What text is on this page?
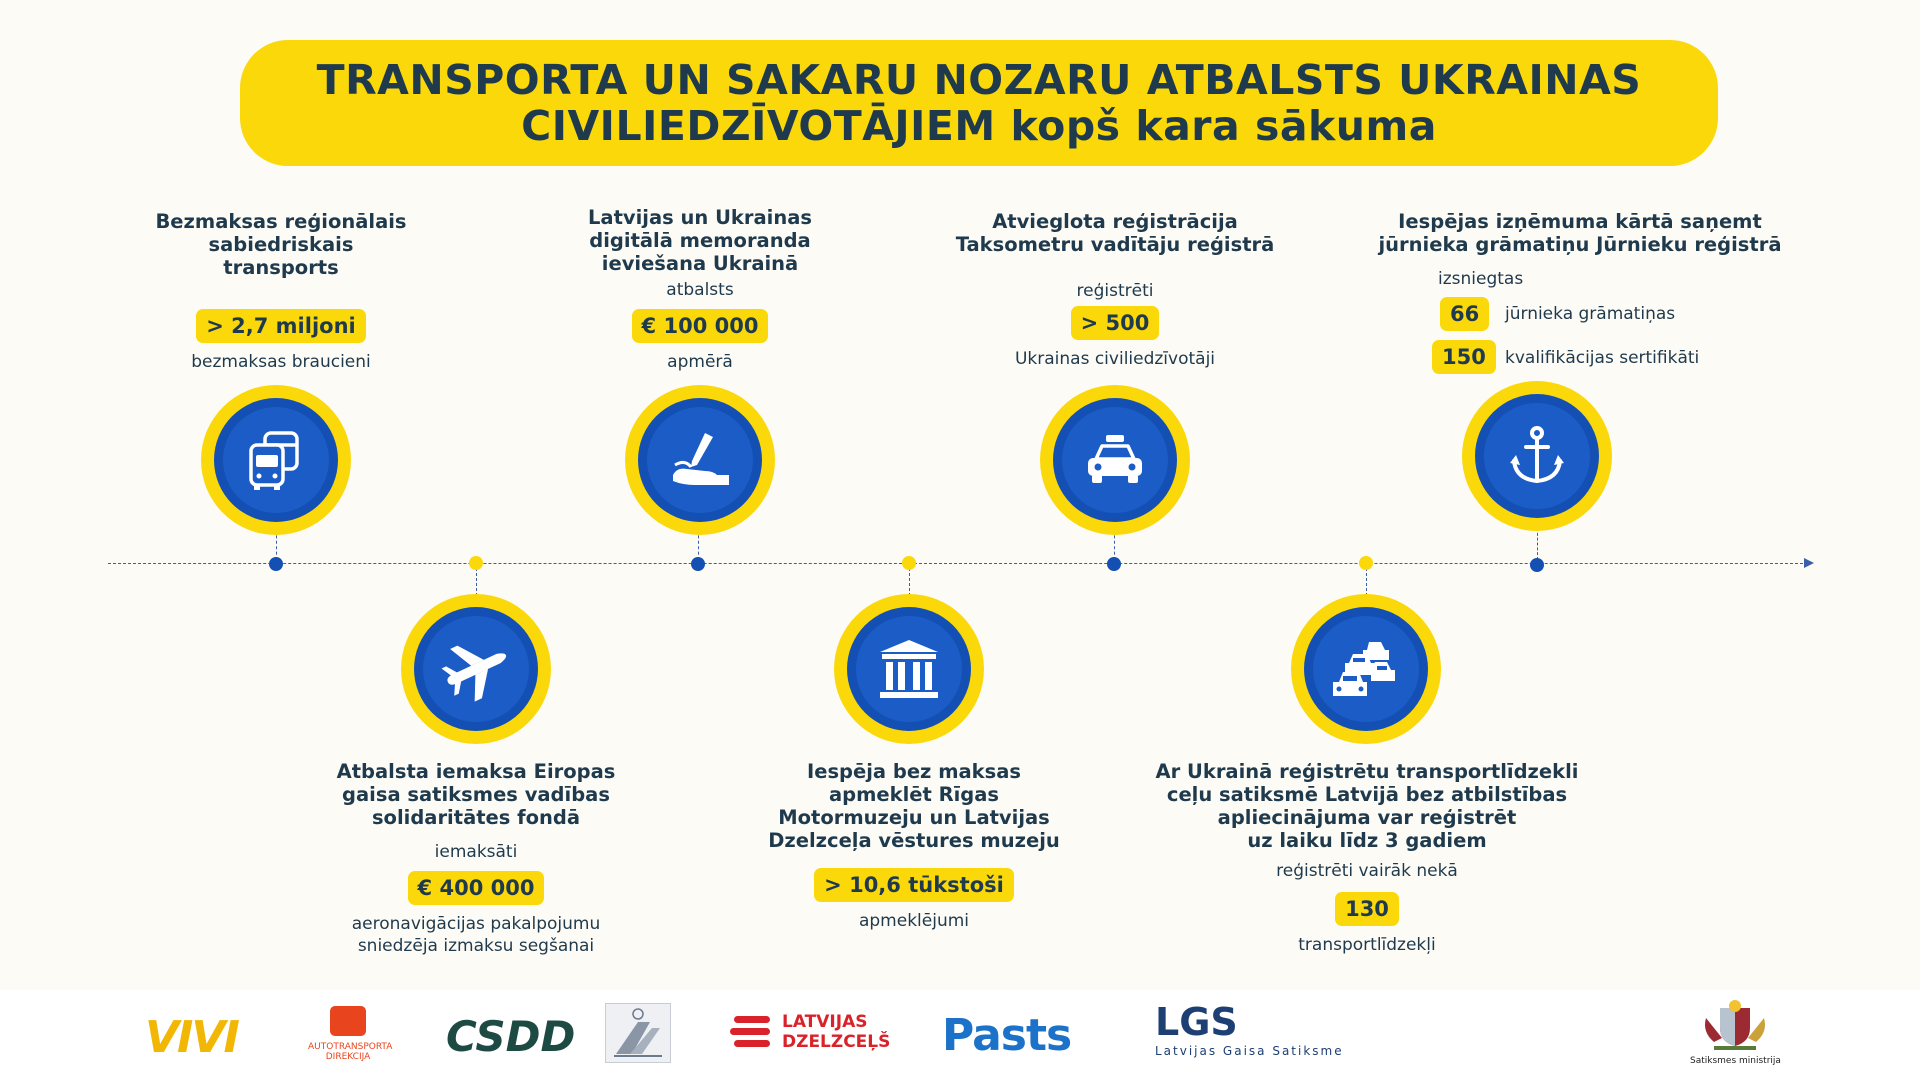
TRANSPORTA UN SAKARU NOZARU ATBALSTS UKRAINAS
CIVILIEDZĪVOTĀJIEM kopš kara sākuma
Bezmaksas reģionālais
sabiedriskais
transports
> 2,7 miljoni
bezmaksas braucieni
Latvijas un Ukrainas
digitālā memoranda
ieviešana Ukrainā
atbalsts
€ 100 000
apmērā
Atvieglota reģistrācija
Taksometru vadītāju reģistrā
reģistrēti
> 500
Ukrainas civiliedzīvotāji
Iespējas izņēmuma kārtā saņemt
jūrnieka grāmatiņu Jūrnieku reģistrā
izsniegtas
66	jūrnieka grāmatiņas
150	kvalifikācijas sertifikāti
Atbalsta iemaksa Eiropas
gaisa satiksmes vadības
solidaritātes fondā
iemaksāti
€ 400 000
aeronavigācijas pakalpojumu
sniedzēja izmaksu segšanai
Iespēja bez maksas
apmeklēt Rīgas
Motormuzeju un Latvijas
Dzelzceļa vēstures muzeju
> 10,6 tūkstoši
apmeklējumi
Ar Ukrainā reģistrētu transportlīdzekli
ceļu satiksmē Latvijā bez atbilstības
apliecinājuma var reģistrēt
uz laiku līdz 3 gadiem
reģistrēti vairāk nekā
130
transportlīdzekļi
VIVI	AUTOTRANSPORTA
DIREKCIJA	CSDD	LATVIJAS
DZELZCEĻŠ Pasts LGS
Latvijas Gaisa Satiksme
Satiksmes ministrija
